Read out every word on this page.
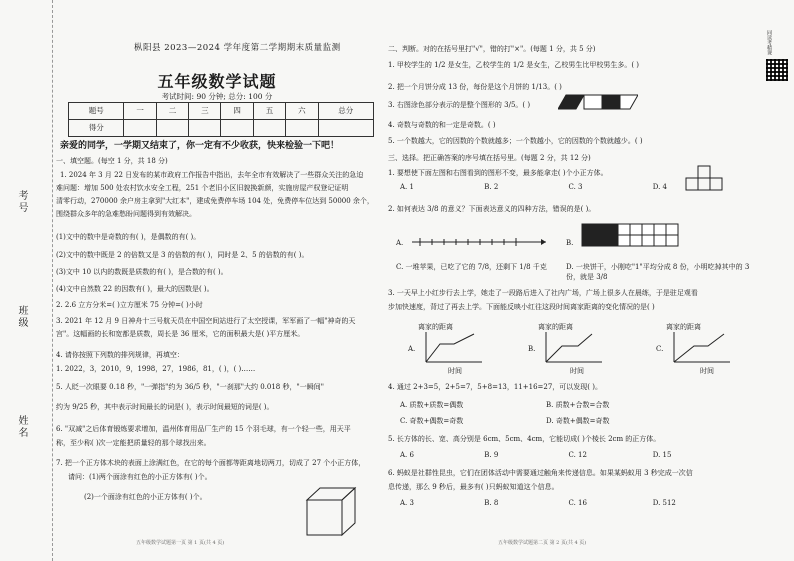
考号
班级
姓名
枞阳县 2023—2024 学年度第二学期期末质量监测
五年级数学试题
考试时间: 90 分钟; 总分: 100 分
题号	一	二	三	四	五	六	总分
得分							
亲爱的同学，一学期又结束了，你一定有不少收获，快来检验一下吧！
一、填空题。(每空 1 分，共 18 分)
1. 2024 年 3 月 22 日发布的某市政府工作报告中指出，去年全市有效解决了一些群众关注的急迫
难问题：增加 500 处农村饮水安全工程，251 个老旧小区旧貌换新颜，实施房屋产权登记证明
清零行动，270000 余户房主拿到"大红本"，建成免费停车场 104 处，免费停车位达到 50000 余个，
围绕群众多年的急难愁盼问题得到有效解决。
(1)文中的数中是奇数的有( )，是偶数的有( )。
(2)文中的数中既是 2 的倍数又是 3 的倍数的有( )，同时是 2、5 的倍数的有( )。
(3)文中 10 以内的数既是质数的有( )，是合数的有( )。
(4)文中自然数 22 的因数有( )，最大的因数是( )。
2. 2.6 立方分米=( )立方厘米 75 分钟=( )小时
3. 2021 年 12 月 9 日神舟十三号航天员在中国空间站进行了太空授课，军军画了一幅"神奇的天
宫"。这幅画的长和宽都是质数，周长是 36 厘米，它的面积最大是( )平方厘米。
4. 请你按照下列数的排列规律，再填空：
1. 2022，3，2010，9，1998，27，1986，81，( )，( )……
5. 人眨一次眼要 0.18 秒，"一弹指"约为 36/5 秒，"一刹那"大约 0.018 秒，"一瞬间"
约为 9/25 秒，其中表示时间最长的词是( )，表示时间最短的词是( )。
6. "双减"之后体育锻炼要求增加，温州体育用品厂生产的 15 个羽毛球，有一个轻一些，用天平
称，至少称( )次一定能把质量轻的那个球找出来。
7. 把一个正方体木块的表面上涂满红色，在它的每个面都等距离地切两刀，切成了 27 个小正方体，
请问：(1)两个面涂有红色的小正方体有( )个。
(2)一个面涂有红色的小正方体有( )个。
五年级数学试题第一页 第 1 页(共 4 页)
二、判断。对的在括号里打"√"，错的打"×"。(每题 1 分，共 5 分)
1. 甲校学生的 1/2 是女生，乙校学生的 1/2 是女生，乙校男生比甲校男生多。( )
2. 把一个月饼分成 13 份，每份是这个月饼的 1/13。( )
3. 右图涂色部分表示的是整个图形的 3/5。( )
4. 奇数与奇数的和一定是奇数。( )
5. 一个数越大，它的因数的个数就越多；一个数越小，它的因数的个数就越少。( )
三、选择。把正确答案的序号填在括号里。(每题 2 分，共 12 分)
1. 要想使下面左图和右图看到的图形不变，最多能拿走( )个小正方体。
A. 1	B. 2	C. 3	D. 4
2. 如何表达 3/8 的意义？下面表达意义的四种方法，错误的是( )。
A.	B.
C. 一堆苹果，已吃了它的 7/8，还剩下 1/8 千克	D. 一块饼干，小刚吃"1"平均分成 8 份，小明吃掉其中的 3 份，就是 3/8
3. 一天早上小红步行去上学，她走了一段路后进入了社内广场，广场上很多人在晨练，于是驻足观看
步加快速度，背过了再去上学。下面能反映小红往这段时间离家距离的变化情况的是( )
离家的距离	离家的距离	离家的距离
A.	B.	C.
时间	时间	时间
4. 通过 2+3=5，2+5=7，5+8=13，11+16=27，可以发现( )。
A. 质数+质数=偶数	B. 质数+合数=合数
C. 奇数+偶数=奇数	D. 奇数+偶数=奇数
5. 长方体的长、宽、高分别是 6cm、5cm、4cm，它能切成( )个棱长 2cm 的正方体。
A. 6	B. 9	C. 12	D. 15
6. 蚂蚁是社群性昆虫，它们在团体活动中需要通过触角来传递信息。如果某蚂蚁用 3 秒完成一次信
息传递，那么 9 秒后，最多有( )只蚂蚁知道这个信息。
A. 3	B. 8	C. 16	D. 512
五年级数学试题第二页 第 2 页(共 4 页)
同读考精课
